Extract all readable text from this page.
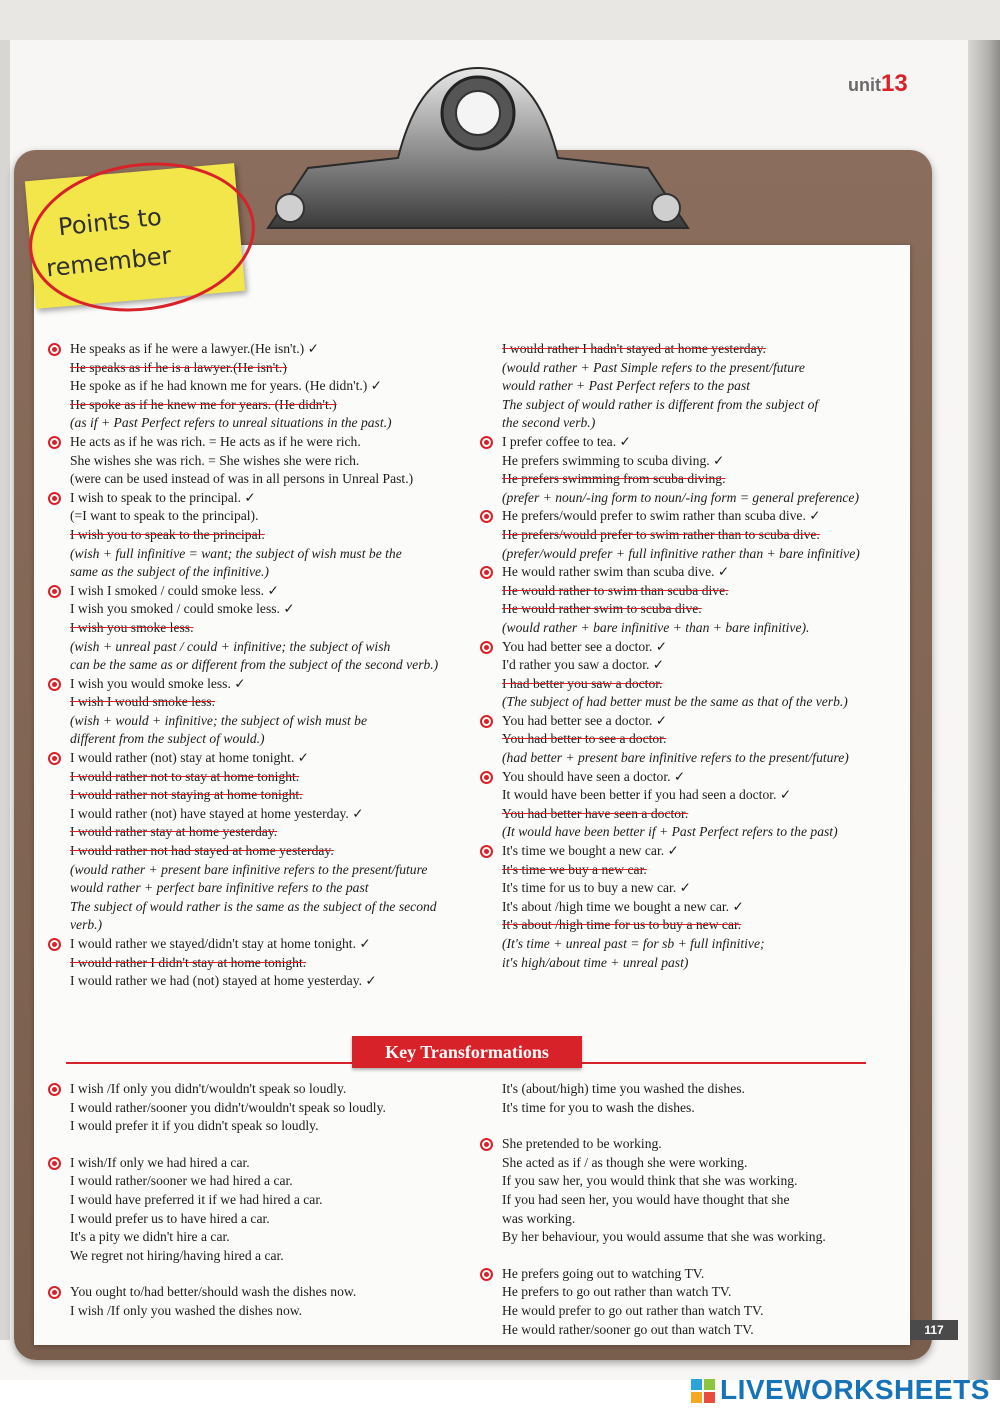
unit13
Points to
remember
He speaks as if he were a lawyer.(He isn't.) ✓
He speaks as if he is a lawyer.(He isn't.)
He spoke as if he had known me for years. (He didn't.) ✓
He spoke as if he knew me for years. (He didn't.)
(as if + Past Perfect refers to unreal situations in the past.)
He acts as if he was rich. = He acts as if he were rich.
She wishes she was rich. = She wishes she were rich.
(were can be used instead of was in all persons in Unreal Past.)
I wish to speak to the principal. ✓
(=I want to speak to the principal).
I wish you to speak to the principal.
(wish + full infinitive = want; the subject of wish must be the
same as the subject of the infinitive.)
I wish I smoked / could smoke less. ✓
I wish you smoked / could smoke less. ✓
I wish you smoke less.
(wish + unreal past / could + infinitive; the subject of wish
can be the same as or different from the subject of the second verb.)
I wish you would smoke less. ✓
I wish I would smoke less.
(wish + would + infinitive; the subject of wish must be
different from the subject of would.)
I would rather (not) stay at home tonight. ✓
I would rather not to stay at home tonight.
I would rather not staying at home tonight.
I would rather (not) have stayed at home yesterday. ✓
I would rather stay at home yesterday.
I would rather not had stayed at home yesterday.
(would rather + present bare infinitive refers to the present/future
would rather + perfect bare infinitive refers to the past
The subject of would rather is the same as the subject of the second
verb.)
I would rather we stayed/didn't stay at home tonight. ✓
I would rather I didn't stay at home tonight.
I would rather we had (not) stayed at home yesterday. ✓
I would rather I hadn't stayed at home yesterday.
(would rather + Past Simple refers to the present/future
would rather + Past Perfect refers to the past
The subject of would rather is different from the subject of
the second verb.)
I prefer coffee to tea. ✓
He prefers swimming to scuba diving. ✓
He prefers swimming from scuba diving.
(prefer + noun/-ing form to noun/-ing form = general preference)
He prefers/would prefer to swim rather than scuba dive. ✓
He prefers/would prefer to swim rather than to scuba dive.
(prefer/would prefer + full infinitive rather than + bare infinitive)
He would rather swim than scuba dive. ✓
He would rather to swim than scuba dive.
He would rather swim to scuba dive.
(would rather + bare infinitive + than + bare infinitive).
You had better see a doctor. ✓
I'd rather you saw a doctor. ✓
I had better you saw a doctor.
(The subject of had better must be the same as that of the verb.)
You had better see a doctor. ✓
You had better to see a doctor.
(had better + present bare infinitive refers to the present/future)
You should have seen a doctor. ✓
It would have been better if you had seen a doctor. ✓
You had better have seen a doctor.
(It would have been better if + Past Perfect refers to the past)
It's time we bought a new car. ✓
It's time we buy a new car.
It's time for us to buy a new car. ✓
It's about /high time we bought a new car. ✓
It's about /high time for us to buy a new car.
(It's time + unreal past = for sb + full infinitive;
it's high/about time + unreal past)
Key Transformations
I wish /If only you didn't/wouldn't speak so loudly.
I would rather/sooner you didn't/wouldn't speak so loudly.
I would prefer it if you didn't speak so loudly.
I wish/If only we had hired a car.
I would rather/sooner we had hired a car.
I would have preferred it if we had hired a car.
I would prefer us to have hired a car.
It's a pity we didn't hire a car.
We regret not hiring/having hired a car.
You ought to/had better/should wash the dishes now.
I wish /If only you washed the dishes now.
It's (about/high) time you washed the dishes.
It's time for you to wash the dishes.
She pretended to be working.
She acted as if / as though she were working.
If you saw her, you would think that she was working.
If you had seen her, you would have thought that she
was working.
By her behaviour, you would assume that she was working.
He prefers going out to watching TV.
He prefers to go out rather than watch TV.
He would prefer to go out rather than watch TV.
He would rather/sooner go out than watch TV.	117
LIVEWORKSHEETS
